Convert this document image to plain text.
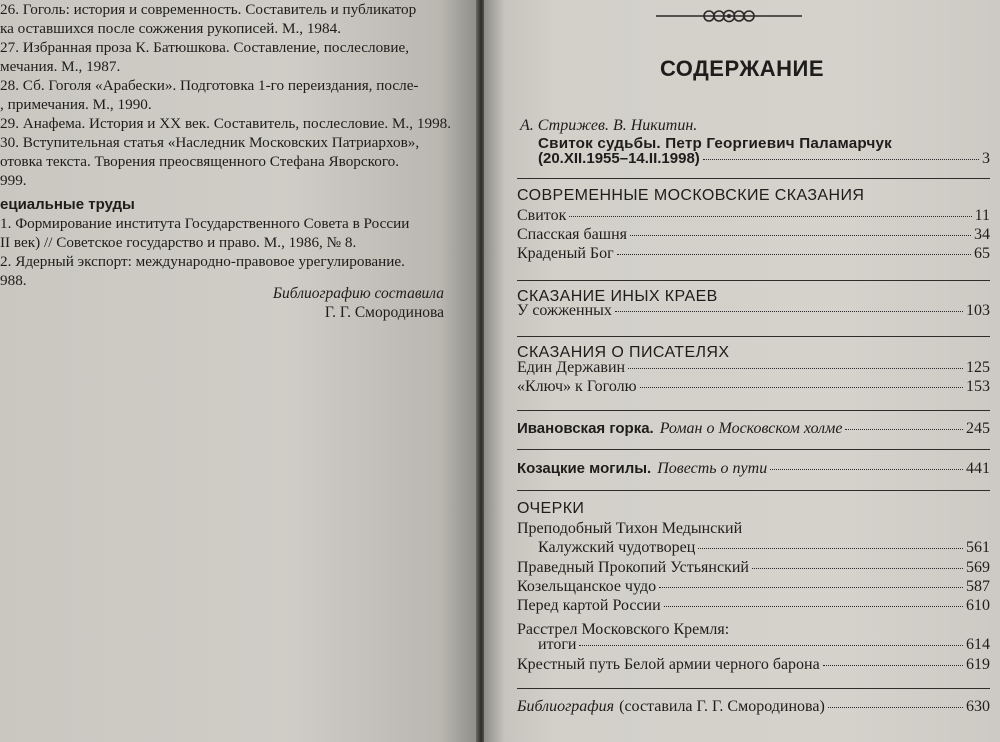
26. Гоголь: история и современность. Составитель и публикатор
ка оставшихся после сожжения рукописей. М., 1984.
27. Избранная проза К. Батюшкова. Составление, послесловие,
мечания. М., 1987.
28. Сб. Гоголя «Арабески». Подготовка 1-го переиздания, после-
, примечания. М., 1990.
29. Анафема. История и XX век. Составитель, послесловие. М., 1998.
30. Вступительная статья «Наследник Московских Патриархов»,
отовка текста. Творения преосвященного Стефана Яворского.
999.
ециальные труды
1. Формирование института Государственного Совета в России
II век) // Советское государство и право. М., 1986, № 8.
2. Ядерный экспорт: международно-правовое урегулирование.
988.
Библиографию составила
Г. Г. Смородинова
СОДЕРЖАНИЕ
А. Стрижев. В. Никитин.
Свиток судьбы. Петр Георгиевич Паламарчук
(20.XII.1955–14.II.1998)	3
СОВРЕМЕННЫЕ МОСКОВСКИЕ СКАЗАНИЯ
Свиток	11
Спасская башня	34
Краденый Бог	65
СКАЗАНИЕ ИНЫХ КРАЕВ
У сожженных	103
СКАЗАНИЯ О ПИСАТЕЛЯХ
Един Державин	125
«Ключ» к Гоголю	153
Ивановская горка. Роман о Московском холме	245
Козацкие могилы. Повесть о пути	441
ОЧЕРКИ
Преподобный Тихон Медынский
Калужский чудотворец	561
Праведный Прокопий Устьянский	569
Козельщанское чудо	587
Перед картой России	610
Расстрел Московского Кремля:
итоги	614
Крестный путь Белой армии черного барона	619
Библиография (составила Г. Г. Смородинова)	630
